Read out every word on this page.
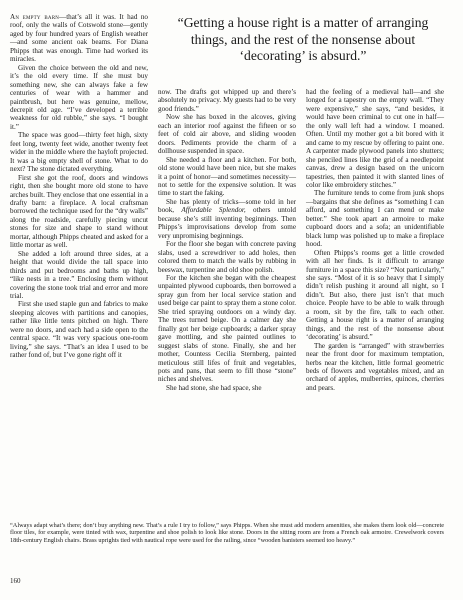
“Getting a house right is a matter of arranging things, and the rest of the nonsense about ‘decorating’ is absurd.”

An empty barn—that’s all it was. It had no roof, only the walls of Cotswold stone—gently aged by four hundred years of English weather—and some ancient oak beams. For Diana Phipps that was enough. Time had worked its miracles.

Given the choice between the old and new, it’s the old every time. If she must buy something new, she can always fake a few centuries of wear with a hammer and paintbrush, but here was genuine, mellow, decrepit old age. “I’ve developed a terrible weakness for old rubble,” she says. “I bought it.”

The space was good—thirty feet high, sixty feet long, twenty feet wide, another twenty feet wider in the middle where the hayloft projected. It was a big empty shell of stone. What to do next? The stone dictated everything.

First she got the roof, doors and windows right, then she bought more old stone to have arches built. They enclose that one essential in a drafty barn: a fireplace. A local craftsman borrowed the technique used for the “dry walls” along the roadside, carefully piecing uncut stones for size and shape to stand without mortar, although Phipps cheated and asked for a little mortar as well.

She added a loft around three sides, at a height that would divide the tall space into thirds and put bedrooms and baths up high, “like nests in a tree.” Enclosing them without covering the stone took trial and error and more trial.

First she used staple gun and fabrics to make sleeping alcoves with partitions and canopies, rather like little tents pitched on high. There were no doors, and each had a side open to the central space. “It was very spacious one-room living,” she says. “That’s an idea I used to be rather fond of, but I’ve gone right off it

now. The drafts got whipped up and there’s absolutely no privacy. My guests had to be very good friends.”

Now she has boxed in the alcoves, giving each an interior roof against the fifteen or so feet of cold air above, and sliding wooden doors. Pediments provide the charm of a dollhouse suspended in space.

She needed a floor and a kitchen. For both, old stone would have been nice, but she makes it a point of honor—and sometimes necessity—not to settle for the expensive solution. It was time to start the faking.

She has plenty of tricks—some told in her book, Affordable Splendor, others untold because she’s still inventing beginnings. Then Phipps’s improvisations develop from some very unpromising beginnings.

For the floor she began with concrete paving slabs, used a screwdriver to add holes, then colored them to match the walls by rubbing in beeswax, turpentine and old shoe polish.

For the kitchen she began with the cheapest unpainted plywood cupboards, then borrowed a spray gun from her local service station and used beige car paint to spray them a stone color. She tried spraying outdoors on a windy day. The trees turned beige. On a calmer day she finally got her beige cupboards; a darker spray gave mottling, and she painted outlines to suggest slabs of stone. Finally, she and her mother, Countess Cecilia Sternberg, painted meticulous still lifes of fruit and vegetables, pots and pans, that seem to fill those “stone” niches and shelves.

She had stone, she had space, she

had the feeling of a medieval hall—and she longed for a tapestry on the empty wall. “They were expensive,” she says, “and besides, it would have been criminal to cut one in half—the only wall left had a window. I moaned. Often. Until my mother got a bit bored with it and came to my rescue by offering to paint one. A carpenter made plywood panels into shutters; she penciled lines like the grid of a needlepoint canvas, drew a design based on the unicorn tapestries, then painted it with slanted lines of color like embroidery stitches.”

The furniture tends to come from junk shops—bargains that she defines as “something I can afford, and something I can mend or make better.” She took apart an armoire to make cupboard doors and a sofa; an unidentifiable black lump was polished up to make a fireplace hood.

Often Phipps’s rooms get a little crowded with all her finds. Is it difficult to arrange furniture in a space this size? “Not particularly,” she says. “Most of it is so heavy that I simply didn’t relish pushing it around all night, so I didn’t. But also, there just isn’t that much choice. People have to be able to walk through a room, sit by the fire, talk to each other. Getting a house right is a matter of arranging things, and the rest of the nonsense about ‘decorating’ is absurd.”

The garden is “arranged” with strawberries near the front door for maximum temptation, herbs near the kitchen, little formal geometric beds of flowers and vegetables mixed, and an orchard of apples, mulberries, quinces, cherries and pears.

“Always adapt what’s there; don’t buy anything new. That’s a rule I try to follow,” says Phipps. When she must add modern amenities, she makes them look old—concrete floor tiles, for example, were tinted with wax, turpentine and shoe polish to look like stone. Doors in the sitting room are from a French oak armoire. Crewelwork covers 18th-century English chairs. Brass uprights tied with nautical rope were used for the railing, since “wooden banisters seemed too heavy.”
160
